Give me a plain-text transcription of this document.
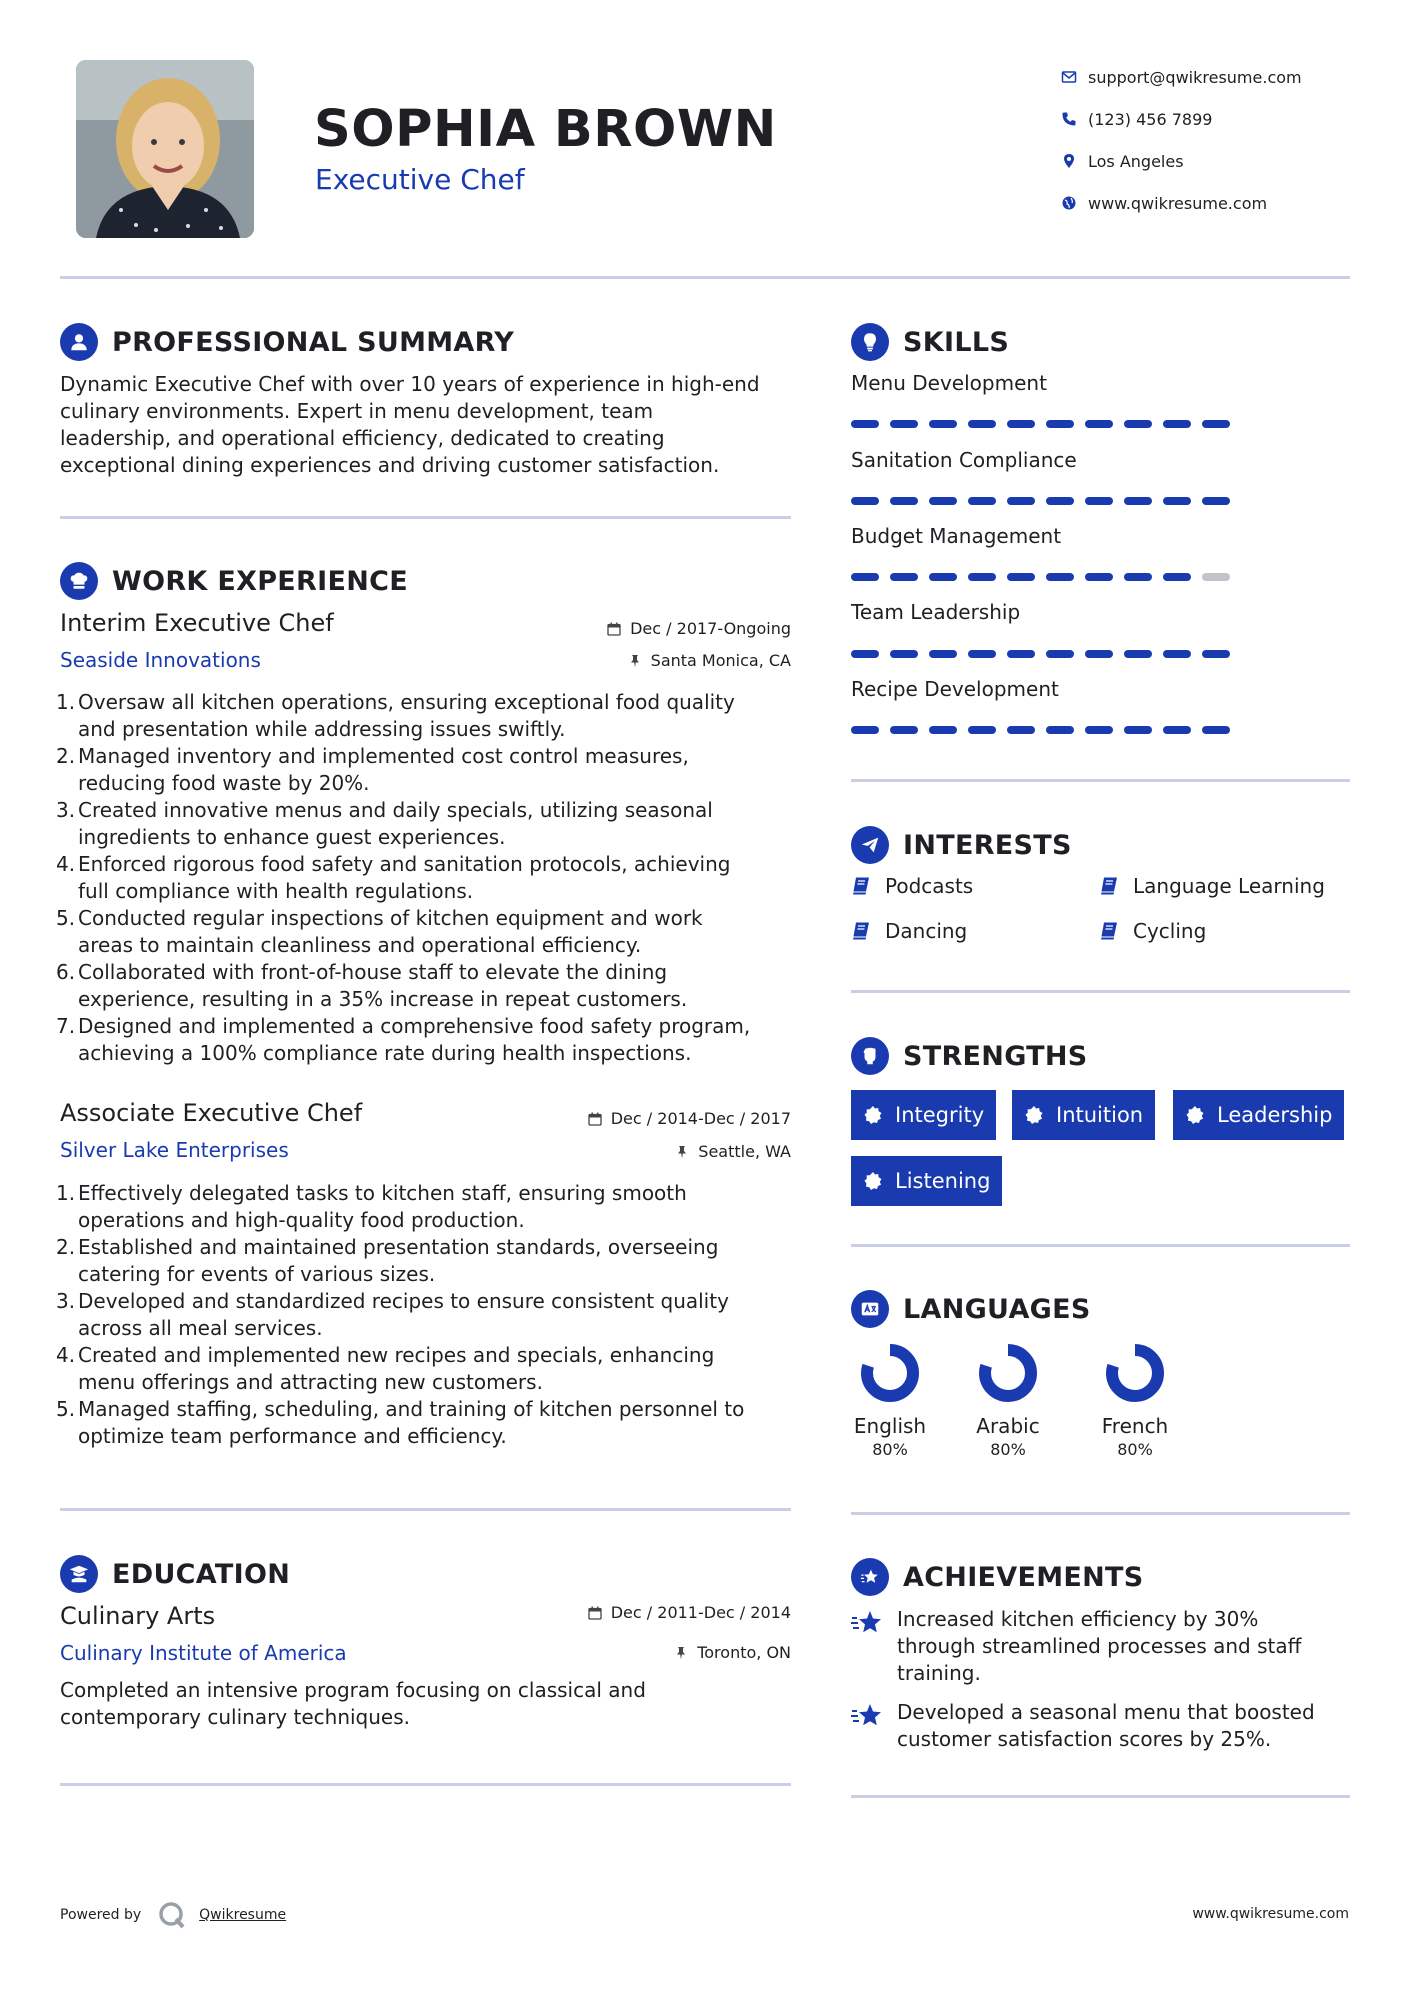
SOPHIA BROWN
Executive Chef
support@qwikresume.com
(123) 456 7899
Los Angeles
www.qwikresume.com
PROFESSIONAL SUMMARY
Dynamic Executive Chef with over 10 years of experience in high-end
culinary environments. Expert in menu development, team
leadership, and operational efficiency, dedicated to creating
exceptional dining experiences and driving customer satisfaction.
WORK EXPERIENCE
Interim Executive Chef
Seaside Innovations
Dec / 2017-Ongoing
Santa Monica, CA
1. Oversaw all kitchen operations, ensuring exceptional food quality
and presentation while addressing issues swiftly.
2. Managed inventory and implemented cost control measures,
reducing food waste by 20%.
3. Created innovative menus and daily specials, utilizing seasonal
ingredients to enhance guest experiences.
4. Enforced rigorous food safety and sanitation protocols, achieving
full compliance with health regulations.
5. Conducted regular inspections of kitchen equipment and work
areas to maintain cleanliness and operational efficiency.
6. Collaborated with front-of-house staff to elevate the dining
experience, resulting in a 35% increase in repeat customers.
7. Designed and implemented a comprehensive food safety program,
achieving a 100% compliance rate during health inspections.
Associate Executive Chef
Silver Lake Enterprises
Dec / 2014-Dec / 2017
Seattle, WA
1. Effectively delegated tasks to kitchen staff, ensuring smooth
operations and high-quality food production.
2. Established and maintained presentation standards, overseeing
catering for events of various sizes.
3. Developed and standardized recipes to ensure consistent quality
across all meal services.
4. Created and implemented new recipes and specials, enhancing
menu offerings and attracting new customers.
5. Managed staffing, scheduling, and training of kitchen personnel to
optimize team performance and efficiency.
EDUCATION
Culinary Arts
Culinary Institute of America
Dec / 2011-Dec / 2014
Toronto, ON
Completed an intensive program focusing on classical and
contemporary culinary techniques.
SKILLS
Menu Development
Sanitation Compliance
Budget Management
Team Leadership
Recipe Development
INTERESTS
Podcasts	Language Learning
Dancing	Cycling
STRENGTHS
Integrity	Intuition	Leadership
Listening
LANGUAGES
English
80%
Arabic
80%
French
80%
ACHIEVEMENTS
Increased kitchen efficiency by 30%
through streamlined processes and staff
training.
Developed a seasonal menu that boosted
customer satisfaction scores by 25%.
Powered by	Qwikresume	www.qwikresume.com
